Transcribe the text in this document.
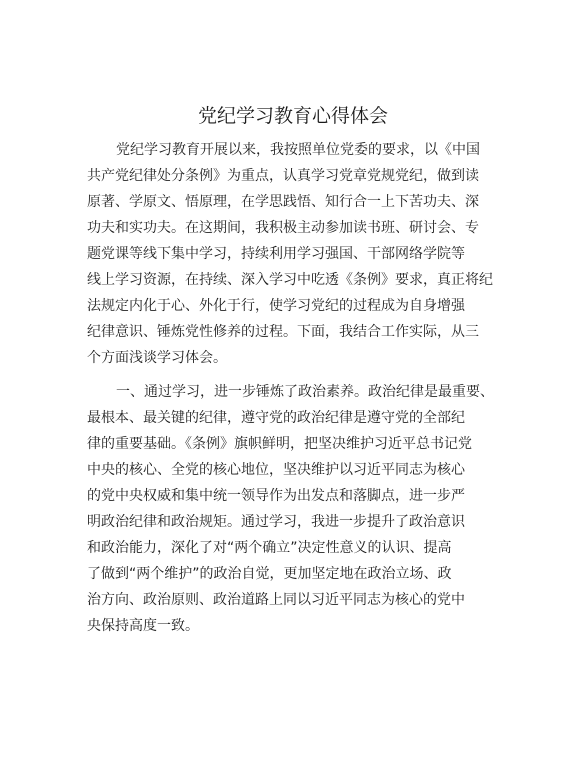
党纪学习教育心得体会
党纪学习教育开展以来，我按照单位党委的要求，以《中国
共产党纪律处分条例》为重点，认真学习党章党规党纪，做到读
原著、学原文、悟原理，在学思践悟、知行合一上下苦功夫、深
功夫和实功夫。在这期间，我积极主动参加读书班、研讨会、专
题党课等线下集中学习，持续利用学习强国、干部网络学院等
线上学习资源，在持续、深入学习中吃透《条例》要求，真正将纪
法规定内化于心、外化于行，使学习党纪的过程成为自身增强
纪律意识、锤炼党性修养的过程。下面，我结合工作实际，从三
个方面浅谈学习体会。
一、通过学习，进一步锤炼了政治素养。政治纪律是最重要、
最根本、最关键的纪律，遵守党的政治纪律是遵守党的全部纪
律的重要基础。《条例》旗帜鲜明，把坚决维护习近平总书记党
中央的核心、全党的核心地位，坚决维护以习近平同志为核心
的党中央权威和集中统一领导作为出发点和落脚点，进一步严
明政治纪律和政治规矩。通过学习，我进一步提升了政治意识
和政治能力，深化了对“两个确立”决定性意义的认识、提高
了做到“两个维护”的政治自觉，更加坚定地在政治立场、政
治方向、政治原则、政治道路上同以习近平同志为核心的党中
央保持高度一致。
